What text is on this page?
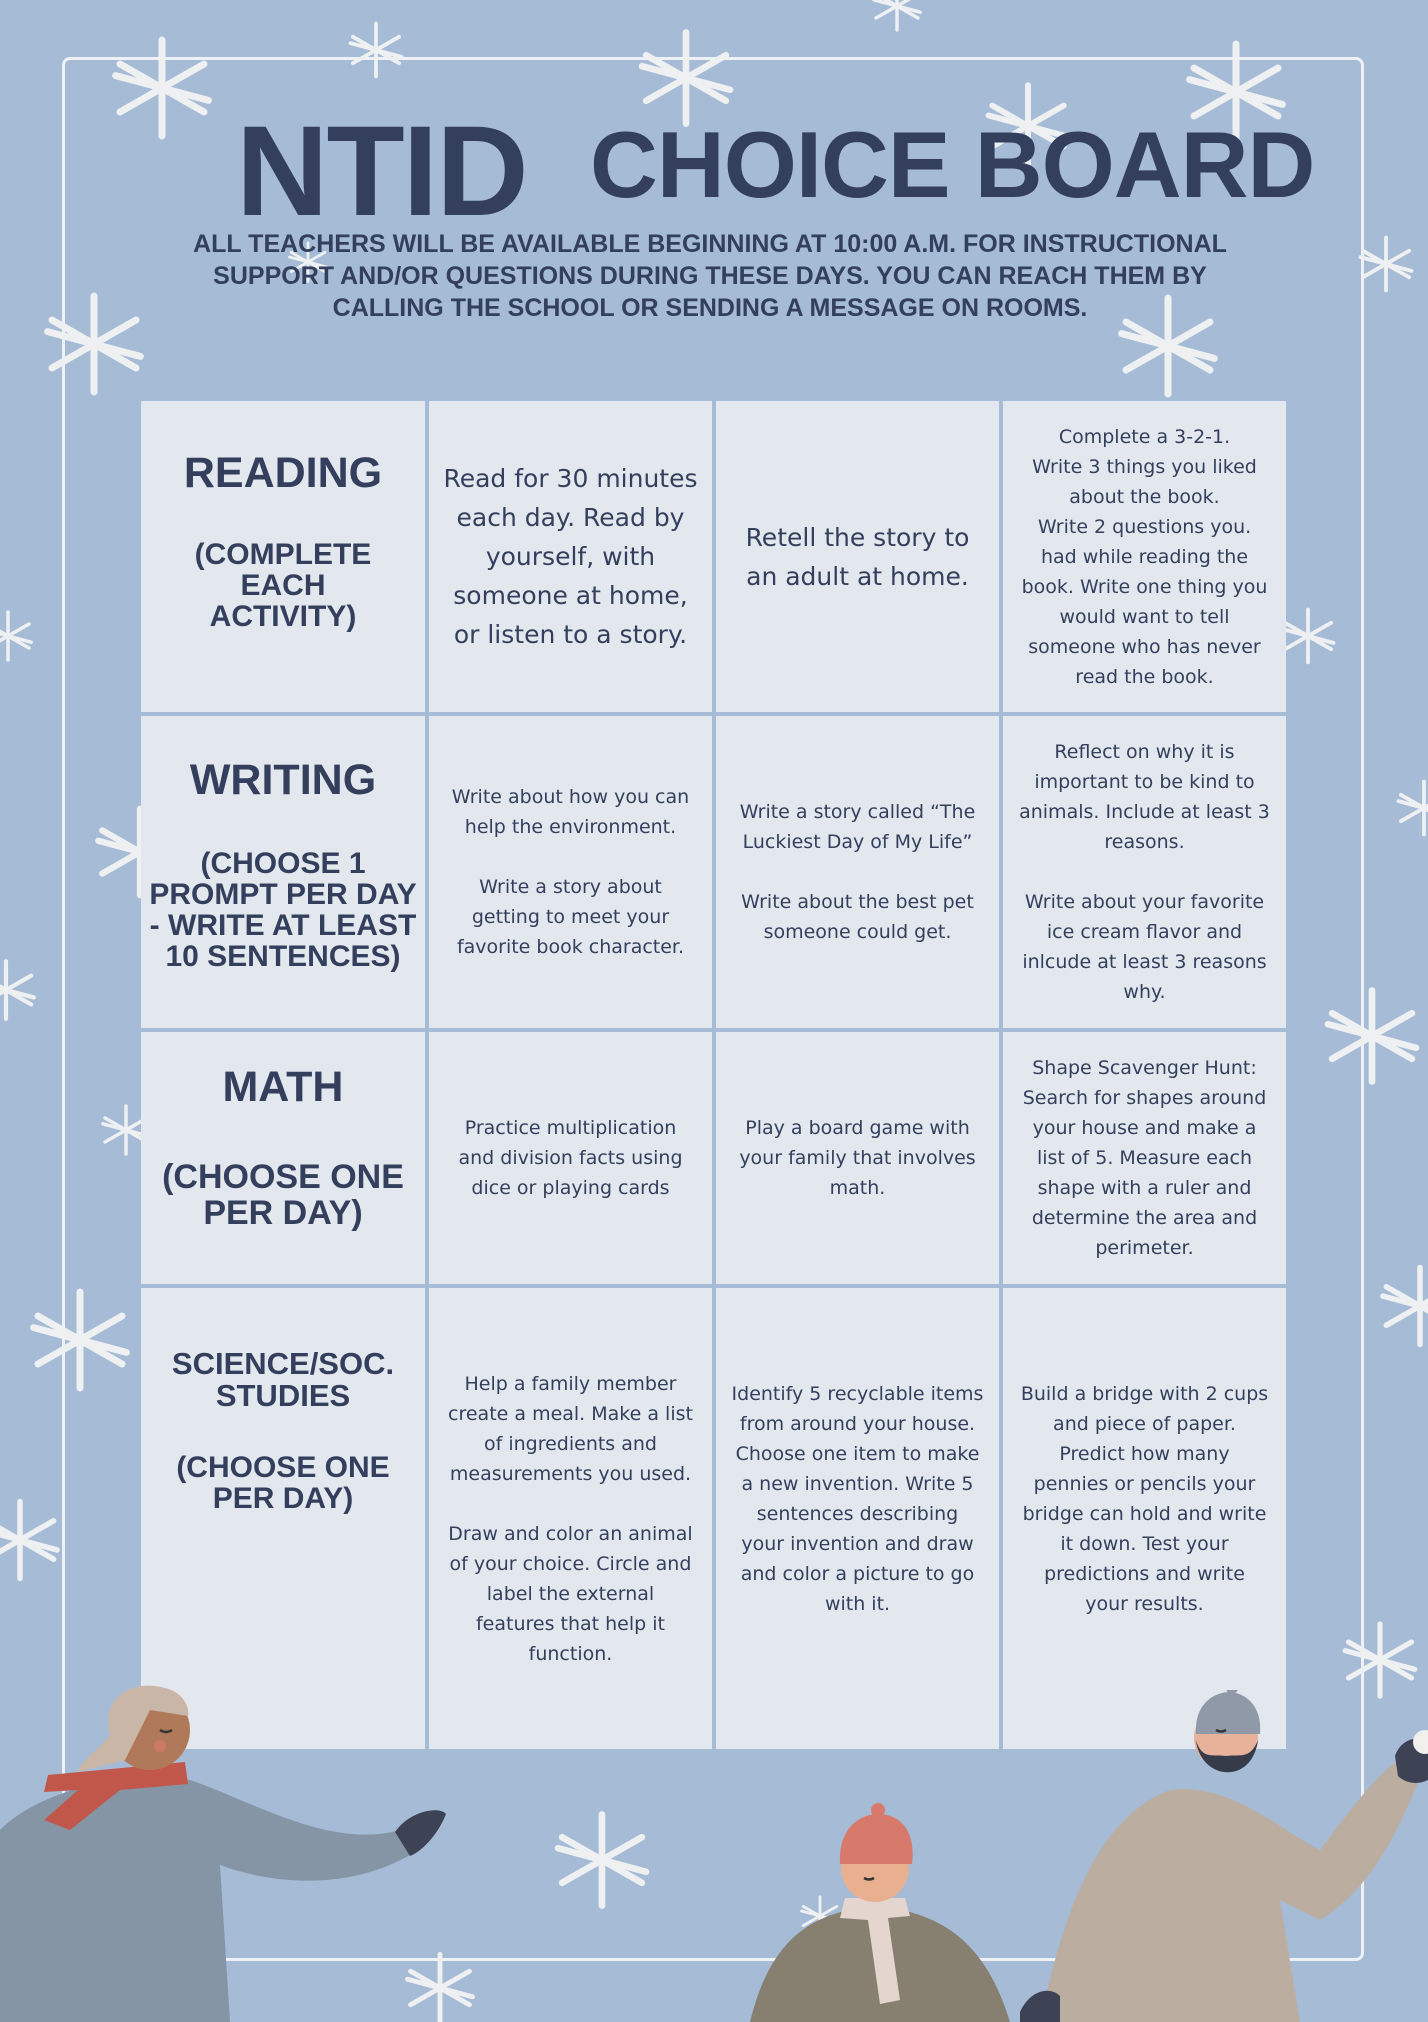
NTID CHOICE BOARD

ALL TEACHERS WILL BE AVAILABLE BEGINNING AT 10:00 A.M. FOR INSTRUCTIONAL SUPPORT AND/OR QUESTIONS DURING THESE DAYS. YOU CAN REACH THEM BY CALLING THE SCHOOL OR SENDING A MESSAGE ON ROOMS.

READING
(COMPLETE
EACH
ACTIVITY)
Read for 30 minutes
each day. Read by
yourself, with
someone at home,
or listen to a story.
Retell the story to
an adult at home.
Complete a 3-2-1.
Write 3 things you liked
about the book.
Write 2 questions you.
had while reading the
book. Write one thing you
would want to tell
someone who has never
read the book.
WRITING
(CHOOSE 1
PROMPT PER DAY
- WRITE AT LEAST
10 SENTENCES)
Write about how you can
help the environment.

Write a story about
getting to meet your
favorite book character.
Write a story called “The
Luckiest Day of My Life”

Write about the best pet
someone could get.
Reflect on why it is
important to be kind to
animals. Include at least 3
reasons.

Write about your favorite
ice cream flavor and
inlcude at least 3 reasons
why.
MATH
(CHOOSE ONE
PER DAY)
Practice multiplication
and division facts using
dice or playing cards
Play a board game with
your family that involves
math.
Shape Scavenger Hunt:
Search for shapes around
your house and make a
list of 5. Measure each
shape with a ruler and
determine the area and
perimeter.
SCIENCE/SOC.
STUDIES
(CHOOSE ONE
PER DAY)
Help a family member
create a meal. Make a list
of ingredients and
measurements you used.

Draw and color an animal
of your choice. Circle and
label the external
features that help it
function.
Identify 5 recyclable items
from around your house.
Choose one item to make
a new invention. Write 5
sentences describing
your invention and draw
and color a picture to go
with it.
Build a bridge with 2 cups
and piece of paper.
Predict how many
pennies or pencils your
bridge can hold and write
it down. Test your
predictions and write
your results.
